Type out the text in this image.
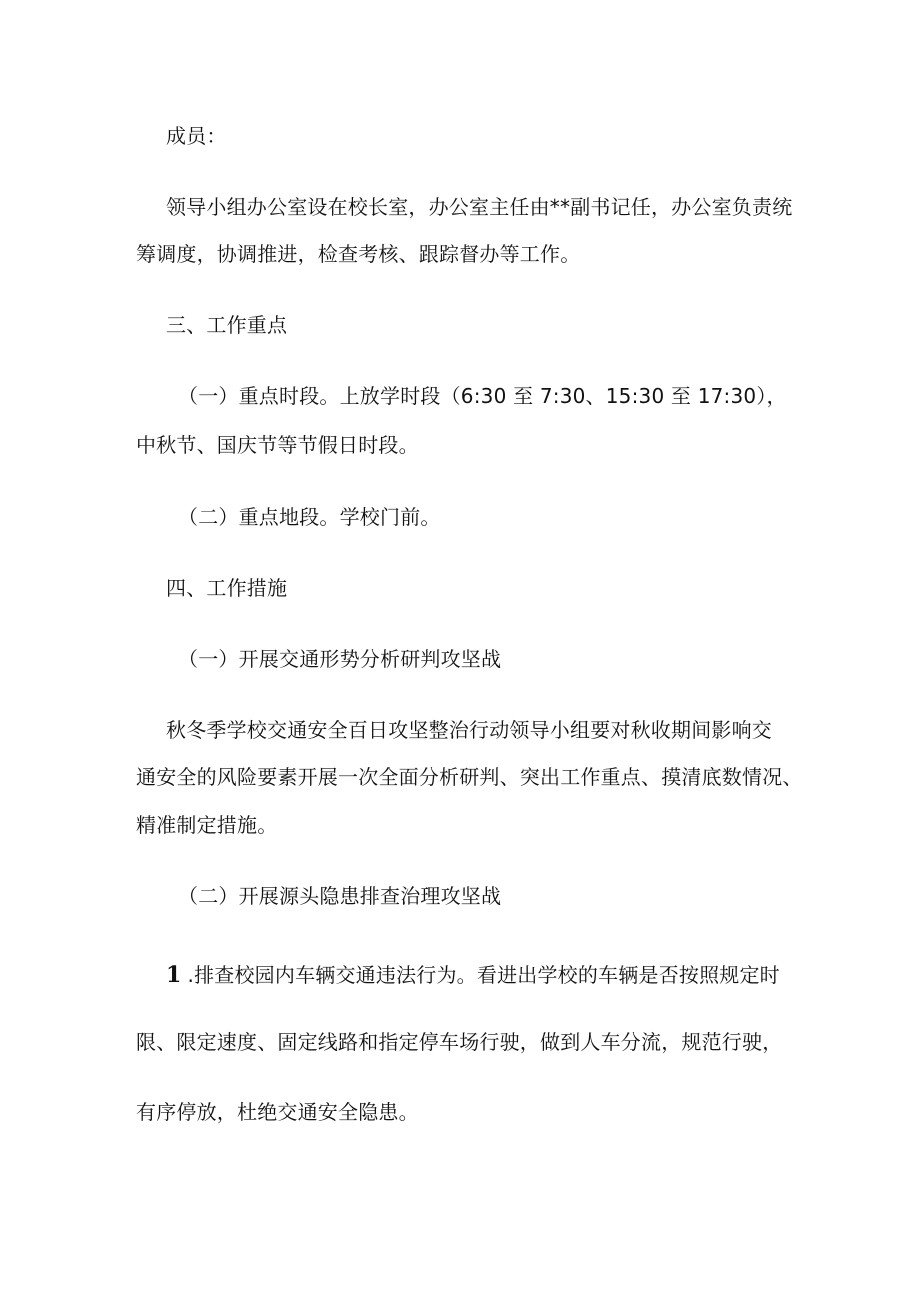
成员：
领导小组办公室设在校长室，办公室主任由**副书记任，办公室负责统
筹调度，协调推进，检查考核、跟踪督办等工作。
三、工作重点
（一）重点时段。上放学时段（6:30 至 7:30、15:30 至 17:30），
中秋节、国庆节等节假日时段。
（二）重点地段。学校门前。
四、工作措施
（一）开展交通形势分析研判攻坚战
秋冬季学校交通安全百日攻坚整治行动领导小组要对秋收期间影响交
通安全的风险要素开展一次全面分析研判、突出工作重点、摸清底数情况、
精准制定措施。
（二）开展源头隐患排查治理攻坚战
1 .排查校园内车辆交通违法行为。看进出学校的车辆是否按照规定时
限、限定速度、固定线路和指定停车场行驶，做到人车分流，规范行驶，
有序停放，杜绝交通安全隐患。
